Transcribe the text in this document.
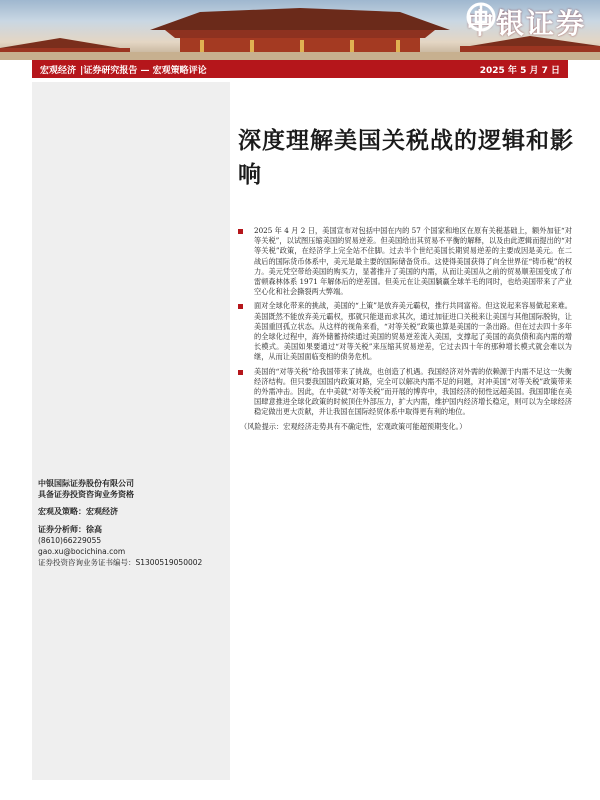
中银证券
宏观经济 |证券研究报告 — 宏观策略评论	2025 年 5 月 7 日
中银国际证券股份有限公司
具备证券投资咨询业务资格
宏观及策略：宏观经济
证券分析师：徐高
(8610)66229055
gao.xu@bocichina.com
证券投资咨询业务证书编号：S1300519050002
深度理解美国关税战的逻辑和影响
2025 年 4 月 2 日，美国宣布对包括中国在内的 57 个国家和地区在原有关税基础上，额外加征“对等关税”，以试图压缩美国的贸易逆差。但美国给出其贸易不平衡的解释，以及由此逻辑而提出的“对等关税”政策，在经济学上完全站不住脚。过去半个世纪美国长期贸易逆差的主要成因是美元。在二战后的国际货币体系中，美元是最主要的国际储备货币。这使得美国获得了向全世界征“铸币税”的权力。美元凭空带给美国的购买力，显著推升了美国的内需，从而让美国从之前的贸易顺差国变成了布雷顿森林体系 1971 年解体后的逆差国。但美元在让美国躺赢全球羊毛的同时，也给美国带来了产业空心化和社会撕裂两大弊端。
面对全球化带来的挑战，美国的“上策”是放弃美元霸权，推行共同富裕。但这说起来容易做起来难。美国既然不能放弃美元霸权，那就只能退而求其次，通过加征进口关税来让美国与其他国际脱钩，让美国重回孤立状态。从这样的视角来看，“对等关税”政策也算是美国的一条出路。但在过去四十多年的全球化过程中，海外储蓄持续通过美国的贸易逆差流入美国，支撑起了美国的高负债和高内需的增长模式。美国如果要通过“对等关税”来压缩其贸易逆差，它过去四十年的那种增长模式就会难以为继，从而让美国面临变相的债务危机。
美国的“对等关税”给我国带来了挑战，也创造了机遇。我国经济对外需的依赖源于内需不足这一失衡经济结构。但只要我国国内政策对路，完全可以解决内需不足的问题，对冲美国“对等关税”政策带来的外需冲击。因此，在中美就“对等关税”而开展的博弈中，我国经济的韧性远超美国。我国即能在美国肆意推进全球化政策的时候顶住外部压力，扩大内需，维护国内经济增长稳定，则可以为全球经济稳定做出更大贡献，并让我国在国际经贸体系中取得更有利的地位。
（风险提示：宏观经济走势具有不确定性，宏观政策可能超预期变化。）
